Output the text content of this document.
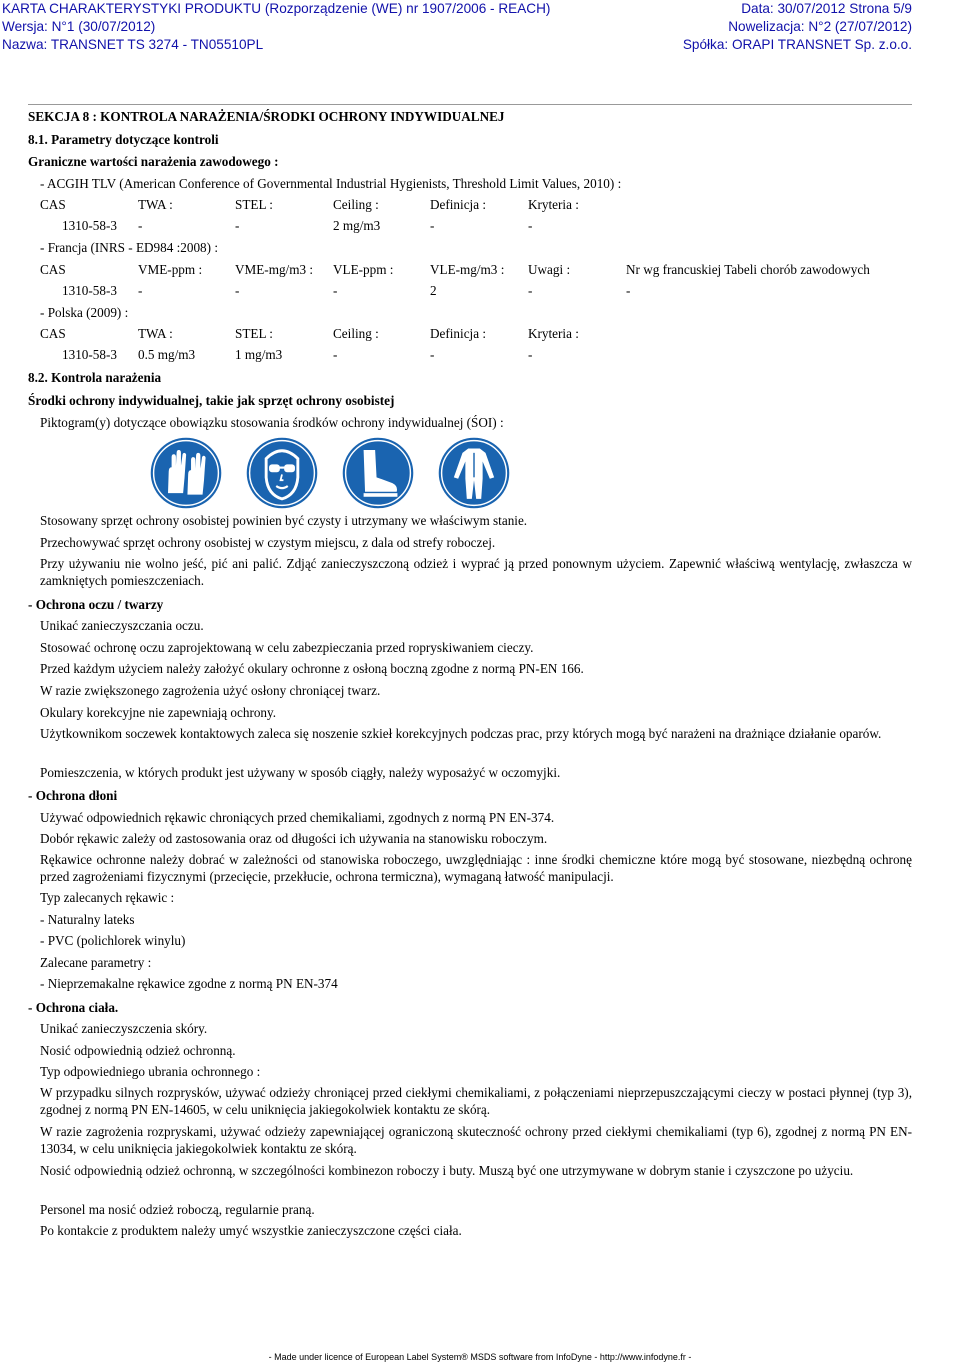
KARTA CHARAKTERYSTYKI PRODUKTU (Rozporządzenie (WE) nr 1907/2006 - REACH)	Data: 30/07/2012 Strona 5/9
Wersja: N°1 (30/07/2012)	Nowelizacja: N°2 (27/07/2012)
Nazwa: TRANSNET TS 3274 - TN05510PL	Spółka: ORAPI TRANSNET Sp. z.o.o.
SEKCJA 8 : KONTROLA NARAŻENIA/ŚRODKI OCHRONY INDYWIDUALNEJ
8.1. Parametry dotyczące kontroli
Graniczne wartości narażenia zawodowego :
- ACGIH TLV (American Conference of Governmental Industrial Hygienists, Threshold Limit Values, 2010) :
CAS	TWA :	STEL :	Ceiling :	Definicja :	Kryteria :
1310-58-3	-	-	2 mg/m3	-	-
- Francja (INRS - ED984 :2008) :
CAS	VME-ppm :	VME-mg/m3 :	VLE-ppm :	VLE-mg/m3 :	Uwagi :	Nr wg francuskiej Tabeli chorób zawodowych
1310-58-3	-	-	-	2	-	-
- Polska (2009) :
CAS	TWA :	STEL :	Ceiling :	Definicja :	Kryteria :
1310-58-3	0.5 mg/m3	1 mg/m3	-	-	-
8.2. Kontrola narażenia
Środki ochrony indywidualnej, takie jak sprzęt ochrony osobistej
Piktogram(y) dotyczące obowiązku stosowania środków ochrony indywidualnej (ŚOI) :
Stosowany sprzęt ochrony osobistej powinien być czysty i utrzymany we właściwym stanie.
Przechowywać sprzęt ochrony osobistej w czystym miejscu, z dala od strefy roboczej.
Przy używaniu nie wolno jeść, pić ani palić. Zdjąć zanieczyszczoną odzież i wyprać ją przed ponownym użyciem. Zapewnić właściwą wentylację, zwłaszcza w zamkniętych pomieszczeniach.
- Ochrona oczu / twarzy
Unikać zanieczyszczania oczu.
Stosować ochronę oczu zaprojektowaną w celu zabezpieczania przed ropryskiwaniem cieczy.
Przed każdym użyciem należy założyć okulary ochronne z osłoną boczną zgodne z normą PN-EN 166.
W razie zwiększonego zagrożenia użyć osłony chroniącej twarz.
Okulary korekcyjne nie zapewniają ochrony.
Użytkownikom soczewek kontaktowych zaleca się noszenie szkieł korekcyjnych podczas prac, przy których mogą być narażeni na drażniące działanie oparów.
Pomieszczenia, w których produkt jest używany w sposób ciągły, należy wyposażyć w oczomyjki.
- Ochrona dłoni
Używać odpowiednich rękawic chroniących przed chemikaliami, zgodnych z normą PN EN-374.
Dobór rękawic zależy od zastosowania oraz od długości ich używania na stanowisku roboczym.
Rękawice ochronne należy dobrać w zależności od stanowiska roboczego, uwzględniając : inne środki chemiczne które mogą być stosowane, niezbędną ochronę przed zagrożeniami fizycznymi (przecięcie, przekłucie, ochrona termiczna), wymaganą łatwość manipulacji.
Typ zalecanych rękawic :
- Naturalny lateks
- PVC (polichlorek winylu)
Zalecane parametry :
- Nieprzemakalne rękawice zgodne z normą PN EN-374
- Ochrona ciała.
Unikać zanieczyszczenia skóry.
Nosić odpowiednią odzież ochronną.
Typ odpowiedniego ubrania ochronnego :
W przypadku silnych rozprysków, używać odzieży chroniącej przed ciekłymi chemikaliami, z połączeniami nieprzepuszczającymi cieczy w postaci płynnej (typ 3), zgodnej z normą PN EN-14605, w celu uniknięcia jakiegokolwiek kontaktu ze skórą.
W razie zagrożenia rozpryskami, używać odzieży zapewniającej ograniczoną skuteczność ochrony przed ciekłymi chemikaliami (typ 6), zgodnej z normą PN EN-13034, w celu uniknięcia jakiegokolwiek kontaktu ze skórą.
Nosić odpowiednią odzież ochronną, w szczególności kombinezon roboczy i buty. Muszą być one utrzymywane w dobrym stanie i czyszczone po użyciu.
Personel ma nosić odzież roboczą, regularnie praną.
Po kontakcie z produktem należy umyć wszystkie zanieczyszczone części ciała.
- Made under licence of European Label System® MSDS software from InfoDyne - http://www.infodyne.fr -
